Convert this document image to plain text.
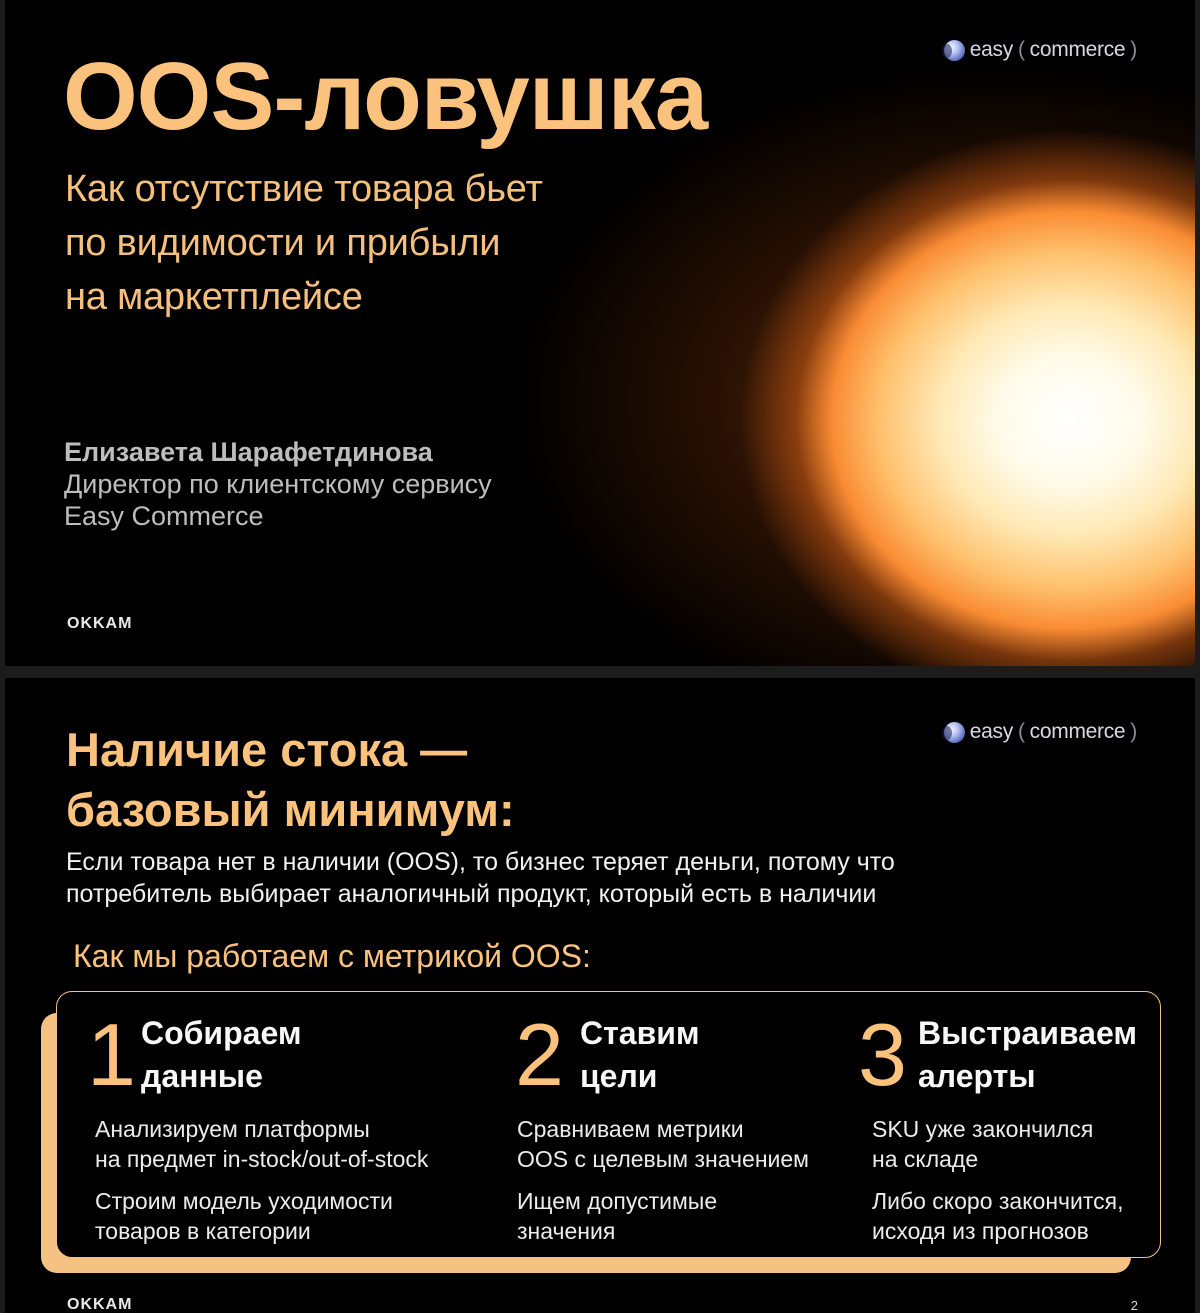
easy ( commerce )
OOS-ловушка
Как отсутствие товара бьет
по видимости и прибыли
на маркетплейсе
Елизавета Шарафетдинова
Директор по клиентскому сервису
Easy Commerce
OKKAM
easy ( commerce )
Наличие стока —
базовый минимум:

Если товара нет в наличии (OOS), то бизнес теряет деньги, потому что
потребитель выбирает аналогичный продукт, который есть в наличии

Как мы работаем с метрикой OOS:
1 Собираем
данные
Анализируем платформы
на предмет in-stock/out-of-stock
Строим модель уходимости
товаров в категории
2 Ставим
цели
Сравниваем метрики
OOS с целевым значением
Ищем допустимые
значения
3 Выстраиваем
алерты
SKU уже закончился
на складе
Либо скоро закончится,
исходя из прогнозов
OKKAM	2
